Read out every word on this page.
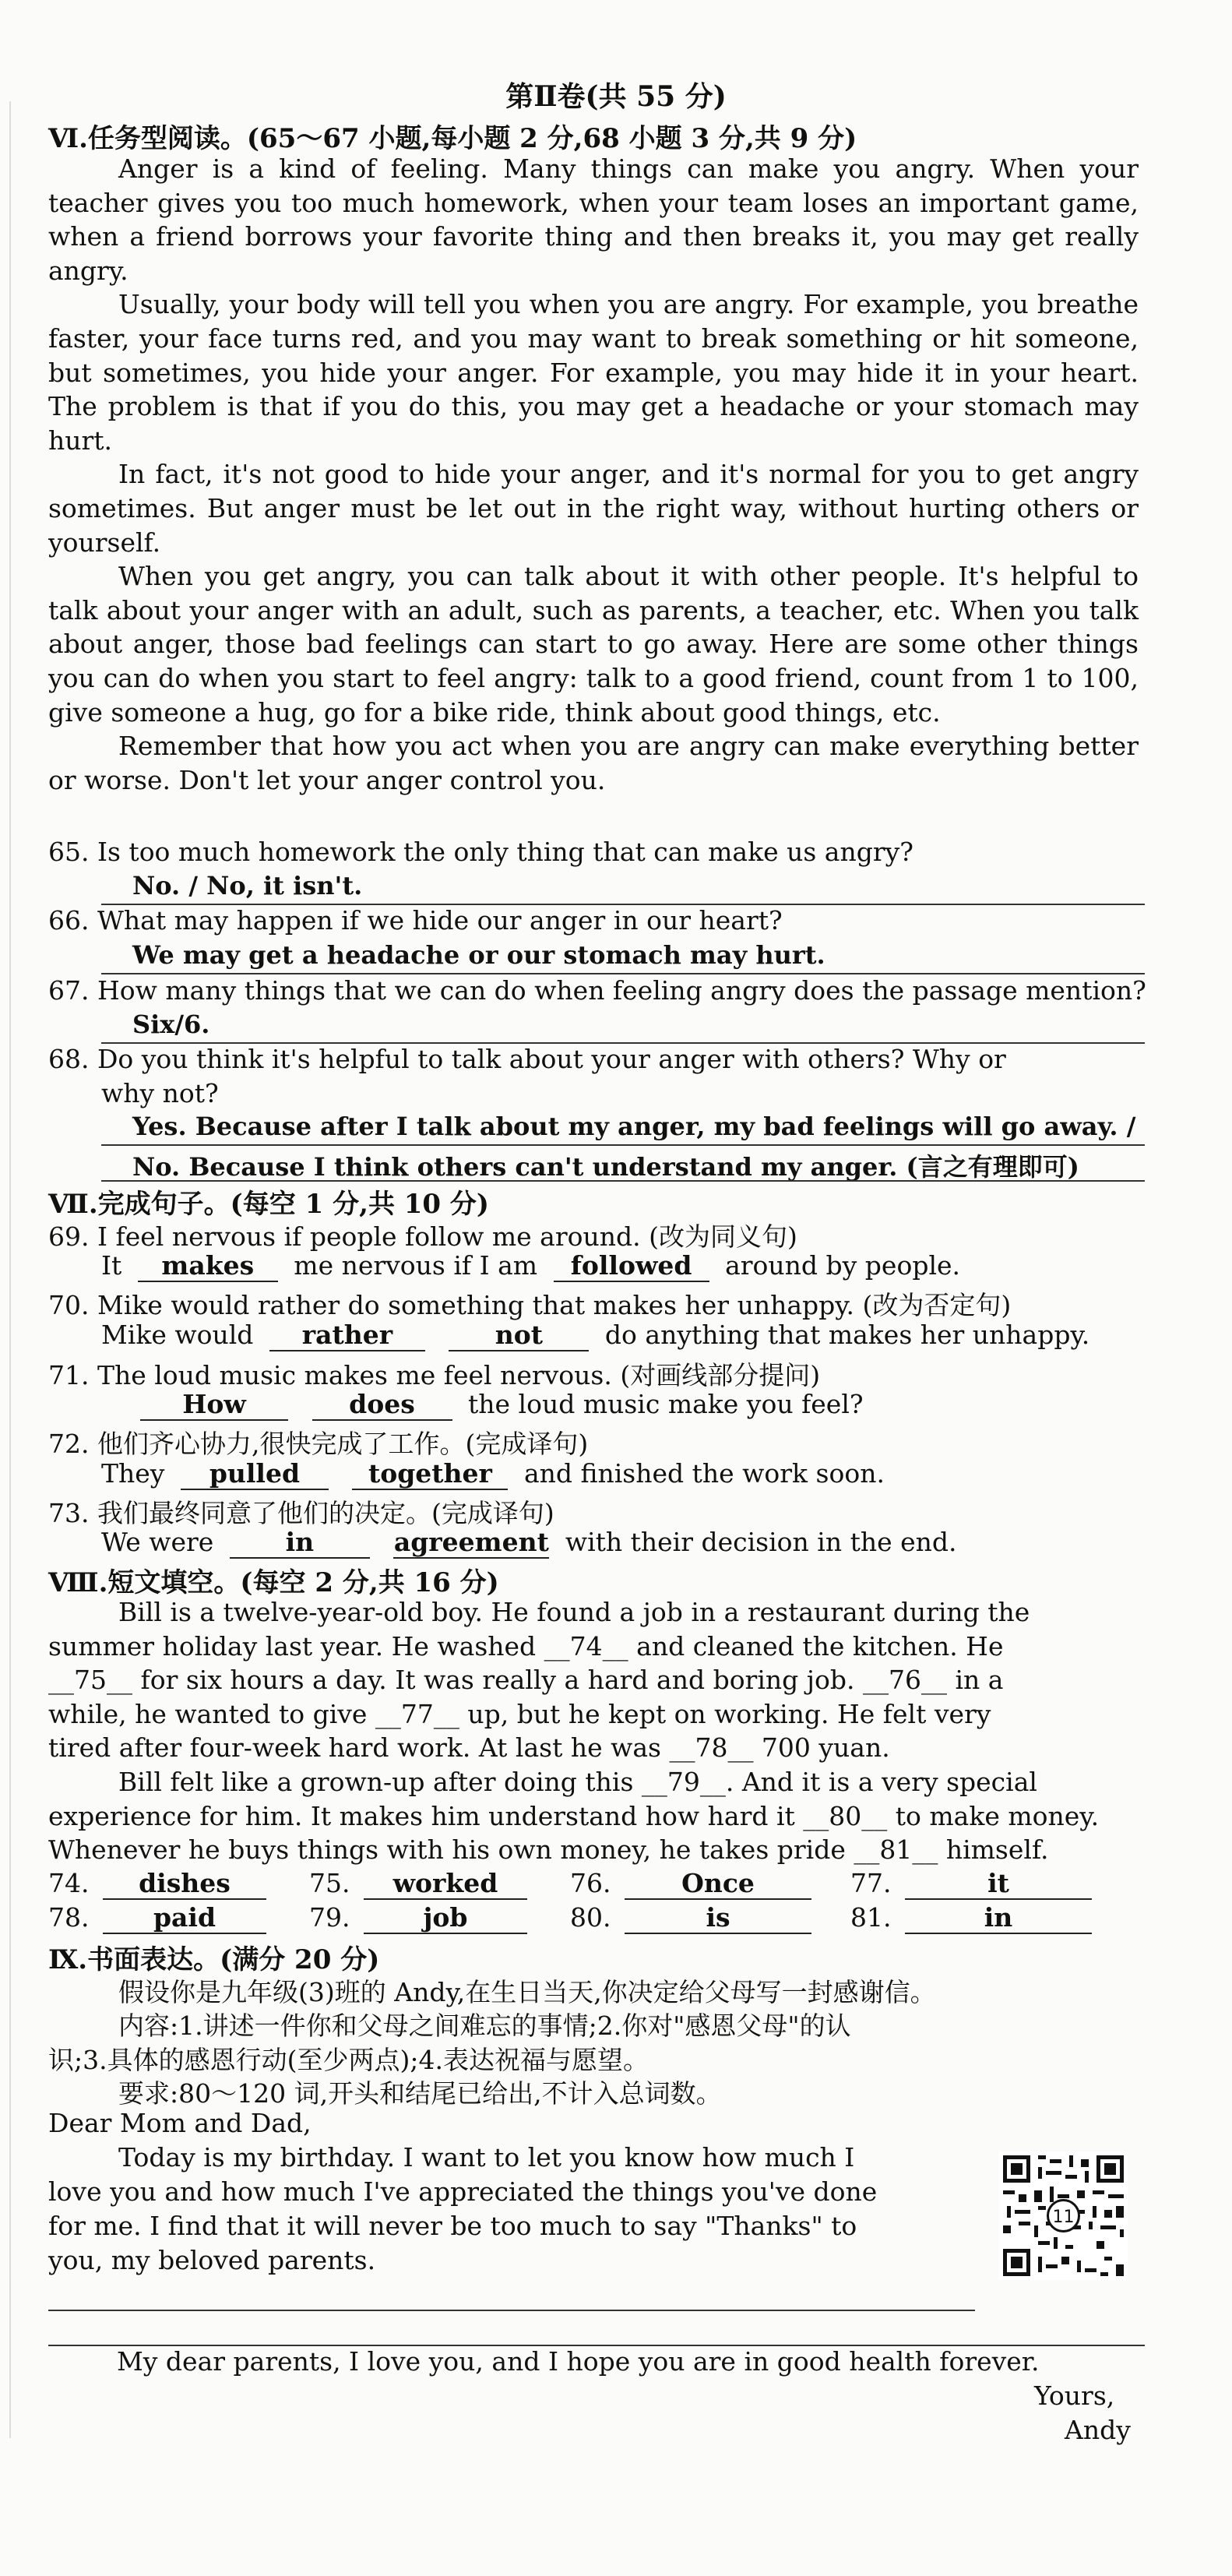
第Ⅱ卷(共 55 分)
Ⅵ.任务型阅读。(65～67 小题,每小题 2 分,68 小题 3 分,共 9 分)

Anger is a kind of feeling. Many things can make you angry. When your teacher gives you too much homework, when your team loses an important game, when a friend borrows your favorite thing and then breaks it, you may get really angry.

Usually, your body will tell you when you are angry. For example, you breathe faster, your face turns red, and you may want to break something or hit someone, but sometimes, you hide your anger. For example, you may hide it in your heart. The problem is that if you do this, you may get a headache or your stomach may hurt.

In fact, it's not good to hide your anger, and it's normal for you to get angry sometimes. But anger must be let out in the right way, without hurting others or yourself.

When you get angry, you can talk about it with other people. It's helpful to talk about your anger with an adult, such as parents, a teacher, etc. When you talk about anger, those bad feelings can start to go away. Here are some other things you can do when you start to feel angry: talk to a good friend, count from 1 to 100, give someone a hug, go for a bike ride, think about good things, etc.

Remember that how you act when you are angry can make everything better or worse. Don't let your anger control you.

65. Is too much homework the only thing that can make us angry?
No. / No, it isn't.
66. What may happen if we hide our anger in our heart?
We may get a headache or our stomach may hurt.
67. How many things that we can do when feeling angry does the passage mention?
Six/6.
68. Do you think it's helpful to talk about your anger with others? Why or
why not?
Yes. Because after I talk about my anger, my bad feelings will go away. /
No. Because I think others can't understand my anger. (言之有理即可)
Ⅶ.完成句子。(每空 1 分,共 10 分)
69. I feel nervous if people follow me around. (改为同义句)
It makes me nervous if I am followed around by people.
70. Mike would rather do something that makes her unhappy. (改为否定句)
Mike would rather	not do anything that makes her unhappy.
71. The loud music makes me feel nervous. (对画线部分提问)
How	does the loud music make you feel?
72. 他们齐心协力,很快完成了工作。(完成译句)
They pulled	together and finished the work soon.
73. 我们最终同意了他们的决定。(完成译句)
We were	in	agreement with their decision in the end.
Ⅷ.短文填空。(每空 2 分,共 16 分)
Bill is a twelve-year-old boy. He found a job in a restaurant during the
summer holiday last year. He washed ⁠__74__ and cleaned the kitchen. He
__75__ for six hours a day. It was really a hard and boring job. __76__ in a
while, he wanted to give __77__ up, but he kept on working. He felt very
tired after four-week hard work. At last he was __78__ 700 yuan.
Bill felt like a grown-up after doing this __79__. And it is a very special
experience for him. It makes him understand how hard it __80__ to make money.
Whenever he buys things with his own money, he takes pride __81__ himself.
74.	dishes	75.	worked	76.	Once	77.	it
78.	paid	79.	job	80.	is	81.	in
Ⅸ.书面表达。(满分 20 分)
假设你是九年级(3)班的 Andy,在生日当天,你决定给父母写一封感谢信。
内容:1.讲述一件你和父母之间难忘的事情;2.你对"感恩父母"的认
识;3.具体的感恩行动(至少两点);4.表达祝福与愿望。
要求:80～120 词,开头和结尾已给出,不计入总词数。
Dear Mom and Dad,
Today is my birthday. I want to let you know how much I
love you and how much I've appreciated the things you've done
for me. I find that it will never be too much to say "Thanks" to
you, my beloved parents.
My dear parents, I love you, and I hope you are in good health forever.
Yours,
Andy
11
